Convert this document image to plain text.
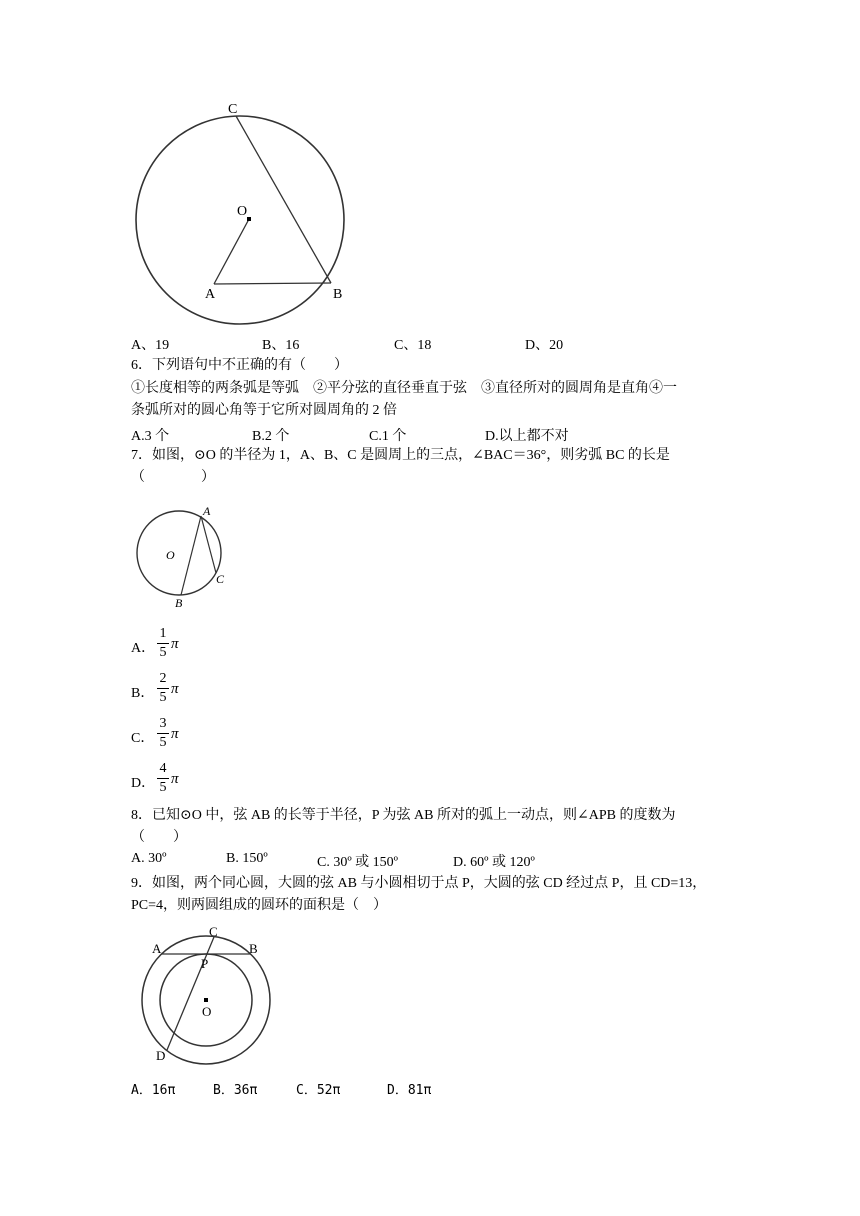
C
O
A	B
A、19	B、16	C、18	D、20
6．下列语句中不正确的有（　　）
①长度相等的两条弧是等弧　②平分弦的直径垂直于弦　③直径所对的圆周角是直角④一
条弧所对的圆心角等于它所对圆周角的 2 倍
A.3 个	B.2 个	C.1 个	D.以上都不对
7．如图，⊙O 的半径为 1，A、B、C 是圆周上的三点，∠BAC＝36°，则劣弧 BC 的长是
（　　　　）
A
O
C
B
A．
1
5
π
B．
2
5
π
C．
3
5
π
D．
4
5
π
8．已知⊙O 中，弦 AB 的长等于半径，P 为弦 AB 所对的弧上一动点，则∠APB 的度数为
（　　）
A. 30º	B. 150º	C. 30º 或 150º	D. 60º 或 120º
9．如图，两个同心圆，大圆的弦 AB 与小圆相切于点 P，大圆的弦 CD 经过点 P，且 CD=13，
PC=4，则两圆组成的圆环的面积是（　）
A
C
B
P
O
D
A．16π	B．36π	C．52π	D．81π
